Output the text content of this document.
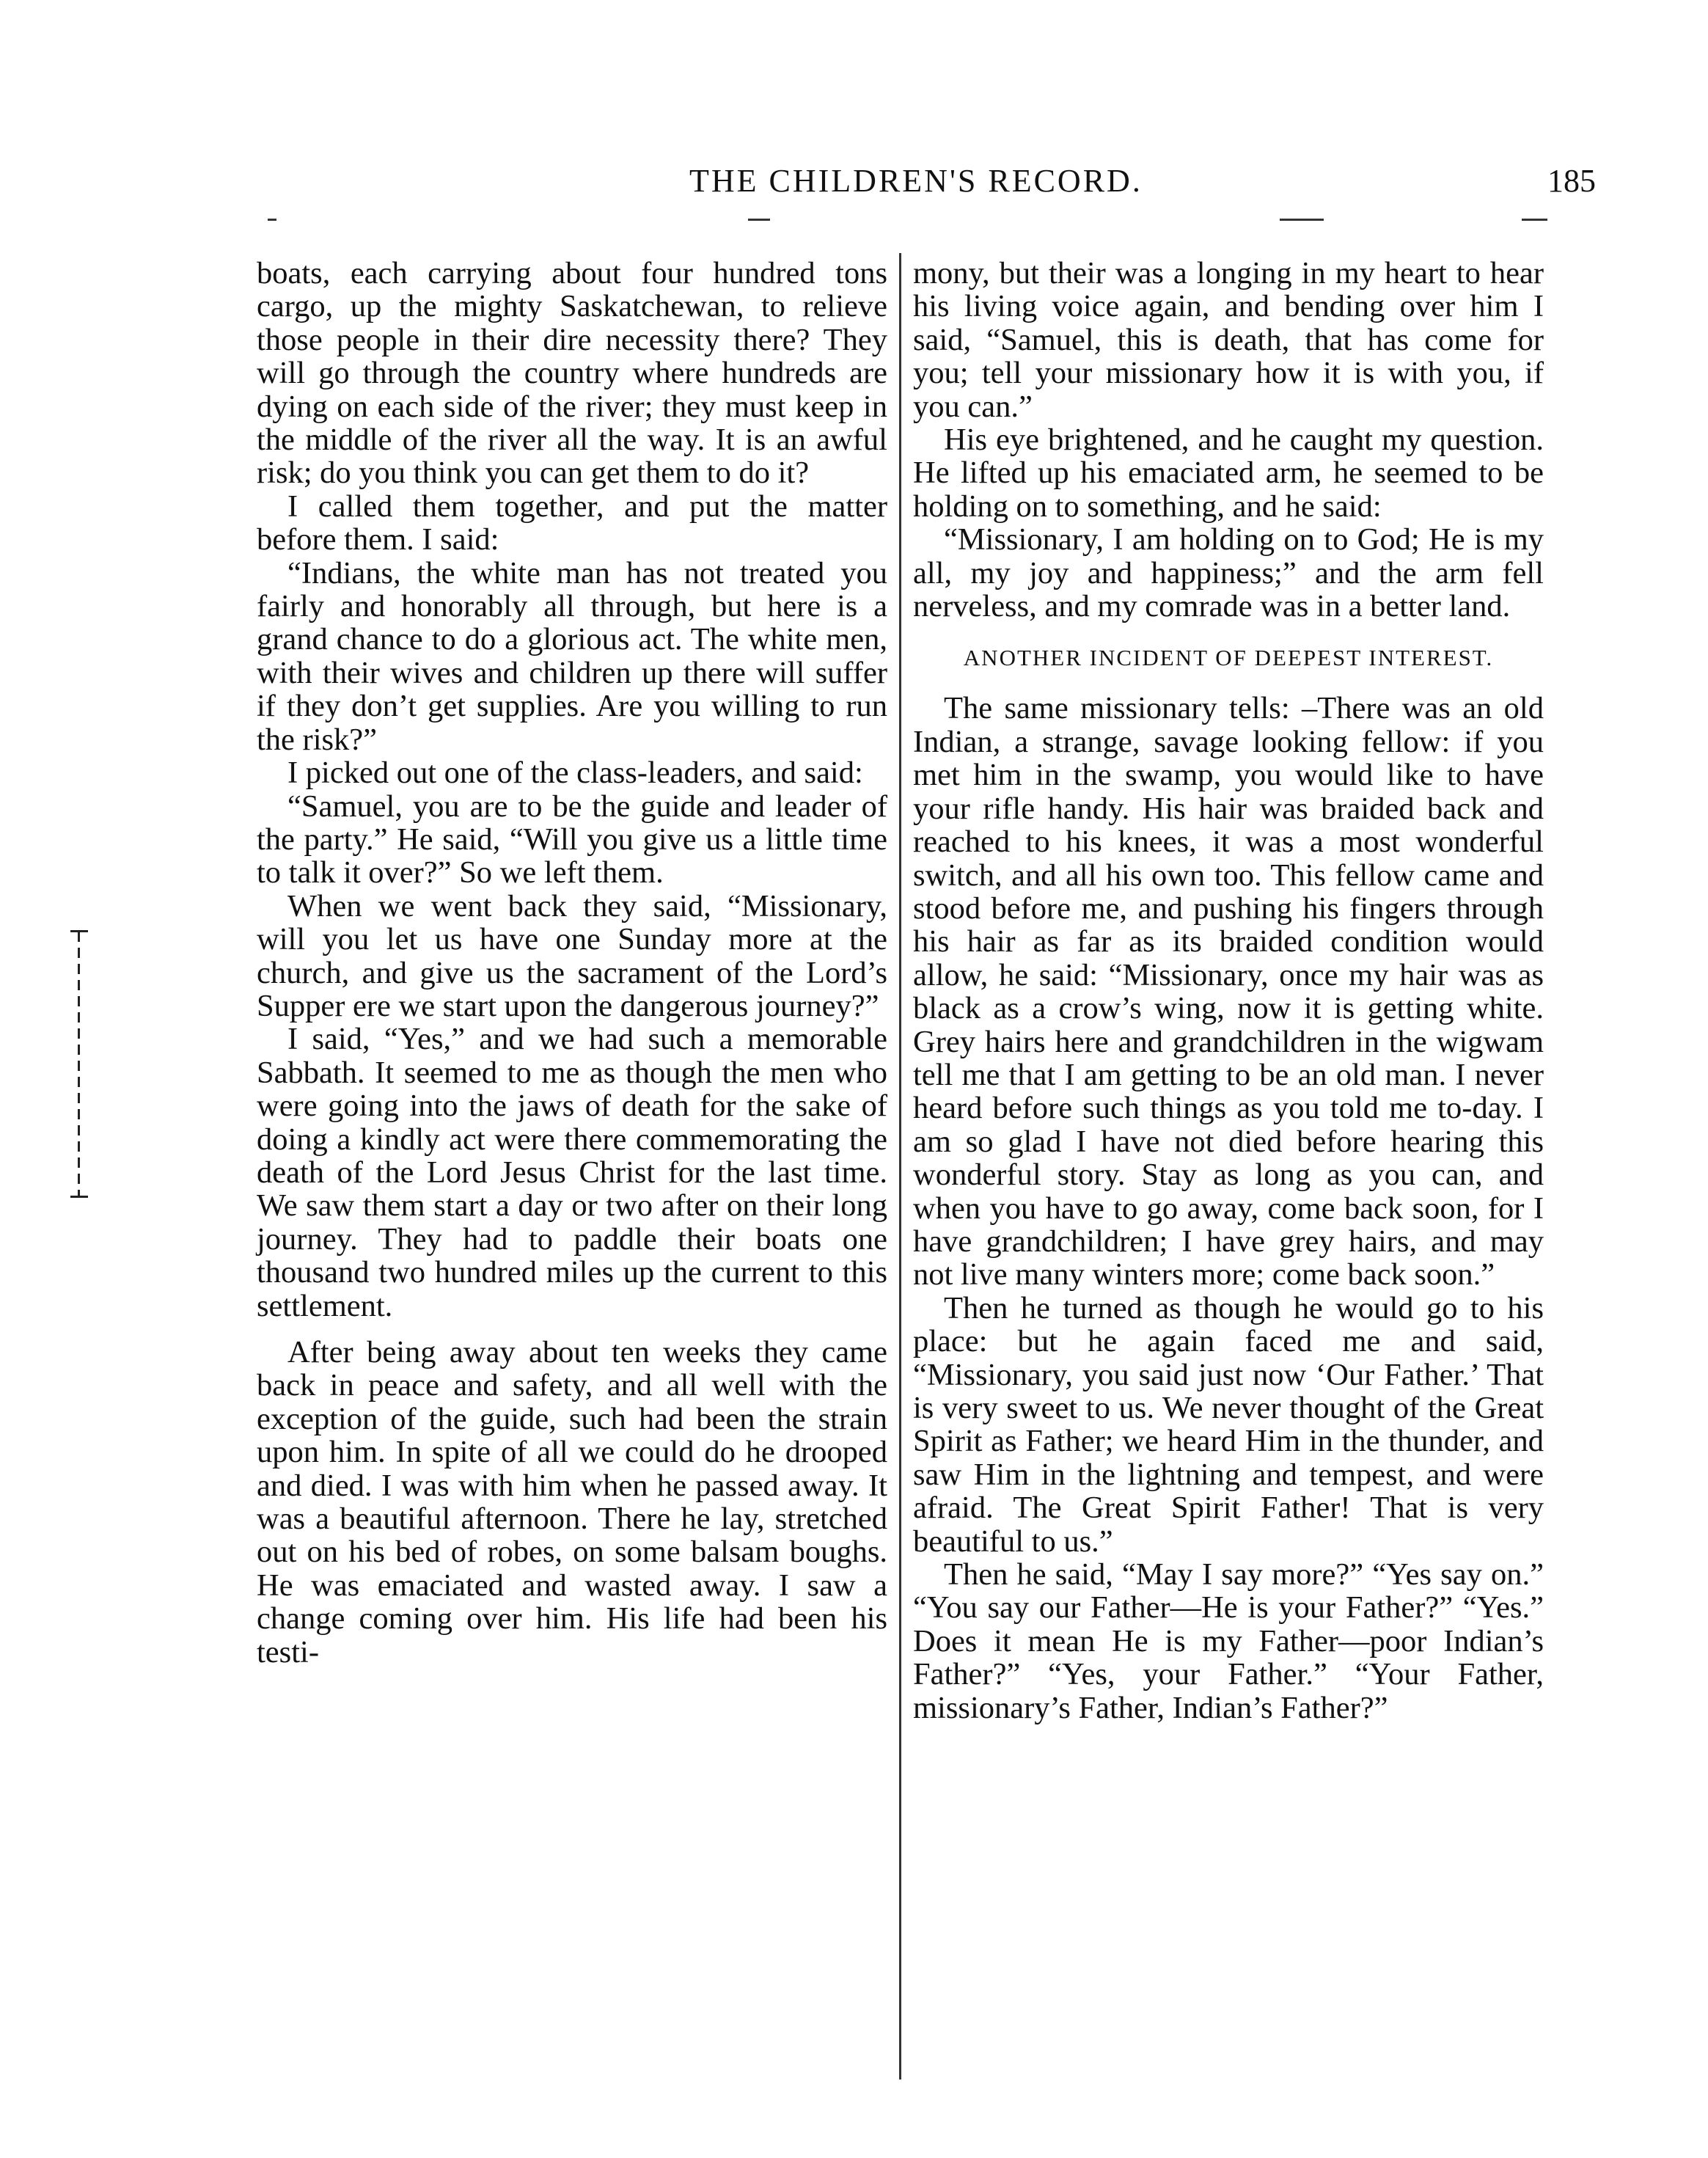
THE CHILDREN'S RECORD.	185

boats, each carrying about four hundred tons cargo, up the mighty Saskatchewan, to relieve those people in their dire necessity there? They will go through the country where hundreds are dying on each side of the river; they must keep in the middle of the river all the way. It is an awful risk; do you think you can get them to do it?

I called them together, and put the matter before them. I said:

“Indians, the white man has not treated you fairly and honorably all through, but here is a grand chance to do a glorious act. The white men, with their wives and children up there will suffer if they don’t get supplies. Are you willing to run the risk?”

I picked out one of the class-leaders, and said:

“Samuel, you are to be the guide and leader of the party.” He said, “Will you give us a little time to talk it over?” So we left them.

When we went back they said, “Missionary, will you let us have one Sunday more at the church, and give us the sacrament of the Lord’s Supper ere we start upon the dangerous journey?”

I said, “Yes,” and we had such a memorable Sabbath. It seemed to me as though the men who were going into the jaws of death for the sake of doing a kindly act were there commemorating the death of the Lord Jesus Christ for the last time. We saw them start a day or two after on their long journey. They had to paddle their boats one thousand two hundred miles up the current to this settlement.

After being away about ten weeks they came back in peace and safety, and all well with the exception of the guide, such had been the strain upon him. In spite of all we could do he drooped and died. I was with him when he passed away. It was a beautiful afternoon. There he lay, stretched out on his bed of robes, on some balsam boughs. He was emaciated and wasted away. I saw a change coming over him. His life had been his testi-

mony, but their was a longing in my heart to hear his living voice again, and bending over him I said, “Samuel, this is death, that has come for you; tell your missionary how it is with you, if you can.”

His eye brightened, and he caught my question. He lifted up his emaciated arm, he seemed to be holding on to something, and he said:

“Missionary, I am holding on to God; He is my all, my joy and happiness;” and the arm fell nerveless, and my comrade was in a better land.

ANOTHER INCIDENT OF DEEPEST INTEREST.

The same missionary tells: –There was an old Indian, a strange, savage looking fellow: if you met him in the swamp, you would like to have your rifle handy. His hair was braided back and reached to his knees, it was a most wonderful switch, and all his own too. This fellow came and stood before me, and pushing his fingers through his hair as far as its braided condition would allow, he said: “Missionary, once my hair was as black as a crow’s wing, now it is getting white. Grey hairs here and grandchildren in the wigwam tell me that I am getting to be an old man. I never heard before such things as you told me to-day. I am so glad I have not died before hearing this wonderful story. Stay as long as you can, and when you have to go away, come back soon, for I have grandchildren; I have grey hairs, and may not live many winters more; come back soon.”

Then he turned as though he would go to his place: but he again faced me and said, “Missionary, you said just now ‘Our Father.’ That is very sweet to us. We never thought of the Great Spirit as Father; we heard Him in the thunder, and saw Him in the lightning and tempest, and were afraid. The Great Spirit Father! That is very beautiful to us.”

Then he said, “May I say more?” “Yes say on.” “You say our Father—He is your Father?” “Yes.” Does it mean He is my Father—poor Indian’s Father?” “Yes, your Father.” “Your Father, missionary’s Father, Indian’s Father?”
